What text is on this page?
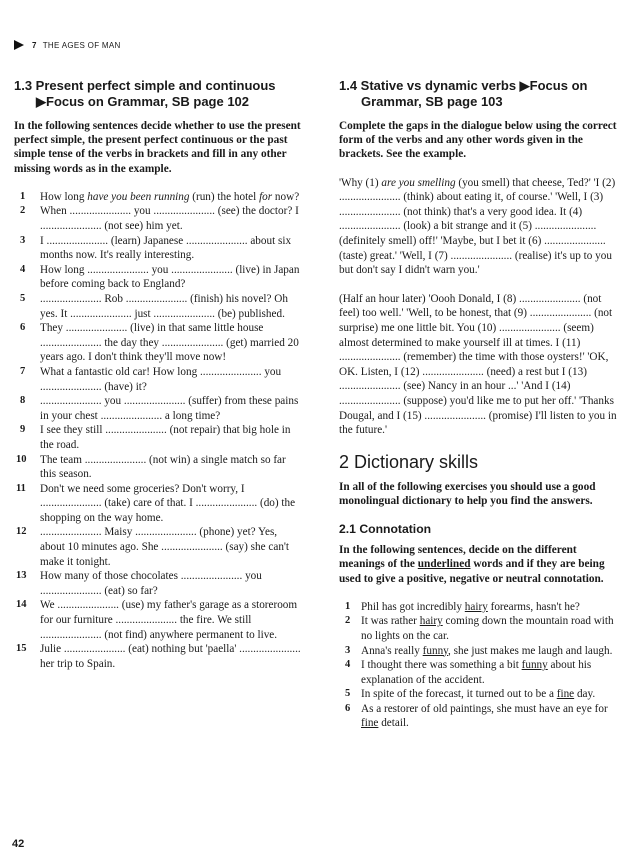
7 THE AGES OF MAN
1.3 Present perfect simple and continuous
▶Focus on Grammar, SB page 102

In the following sentences decide whether to use the present perfect simple, the present perfect continuous or the past simple tense of the verbs in brackets and fill in any other missing words as in the example.

1 How long have you been running (run) the hotel for now?
2 When ...................... you ...................... (see) the doctor? I ...................... (not see) him yet.
3 I ...................... (learn) Japanese ...................... about six months now. It's really interesting.
4 How long ...................... you ...................... (live) in Japan before coming back to England?
5 ...................... Rob ...................... (finish) his novel? Oh yes. It ...................... just ...................... (be) published.
6 They ...................... (live) in that same little house ...................... the day they ...................... (get) married 20 years ago. I don't think they'll move now!
7 What a fantastic old car! How long ...................... you ...................... (have) it?
8 ...................... you ...................... (suffer) from these pains in your chest ...................... a long time?
9 I see they still ...................... (not repair) that big hole in the road.
10 The team ...................... (not win) a single match so far this season.
11 Don't we need some groceries? Don't worry, I ...................... (take) care of that. I ...................... (do) the shopping on the way home.
12 ...................... Maisy ...................... (phone) yet? Yes, about 10 minutes ago. She ...................... (say) she can't make it tonight.
13 How many of those chocolates ...................... you ...................... (eat) so far?
14 We ...................... (use) my father's garage as a storeroom for our furniture ...................... the fire. We still ...................... (not find) anywhere permanent to live.
15 Julie ...................... (eat) nothing but 'paella' ...................... her trip to Spain.
1.4 Stative vs dynamic verbs ▶Focus on
Grammar, SB page 103

Complete the gaps in the dialogue below using the correct form of the verbs and any other words given in the brackets. See the example.

'Why (1) are you smelling (you smell) that cheese, Ted?' 'I (2) ...................... (think) about eating it, of course.' 'Well, I (3) ...................... (not think) that's a very good idea. It (4) ...................... (look) a bit strange and it (5) ...................... (definitely smell) off!' 'Maybe, but I bet it (6) ...................... (taste) great.' 'Well, I (7) ...................... (realise) it's up to you but don't say I didn't warn you.'
(Half an hour later) 'Oooh Donald, I (8) ...................... (not feel) too well.' 'Well, to be honest, that (9) ...................... (not surprise) me one little bit. You (10) ...................... (seem) almost determined to make yourself ill at times. I (11) ...................... (remember) the time with those oysters!' 'OK, OK. Listen, I (12) ...................... (need) a rest but I (13) ...................... (see) Nancy in an hour ...' 'And I (14) ...................... (suppose) you'd like me to put her off.' 'Thanks Dougal, and I (15) ...................... (promise) I'll listen to you in the future.'
2 Dictionary skills

In all of the following exercises you should use a good monolingual dictionary to help you find the answers.

2.1 Connotation

In the following sentences, decide on the different meanings of the underlined words and if they are being used to give a positive, negative or neutral connotation.

1 Phil has got incredibly hairy forearms, hasn't he?
2 It was rather hairy coming down the mountain road with no lights on the car.
3 Anna's really funny, she just makes me laugh and laugh.
4 I thought there was something a bit funny about his explanation of the accident.
5 In spite of the forecast, it turned out to be a fine day.
6 As a restorer of old paintings, she must have an eye for fine detail.
42
